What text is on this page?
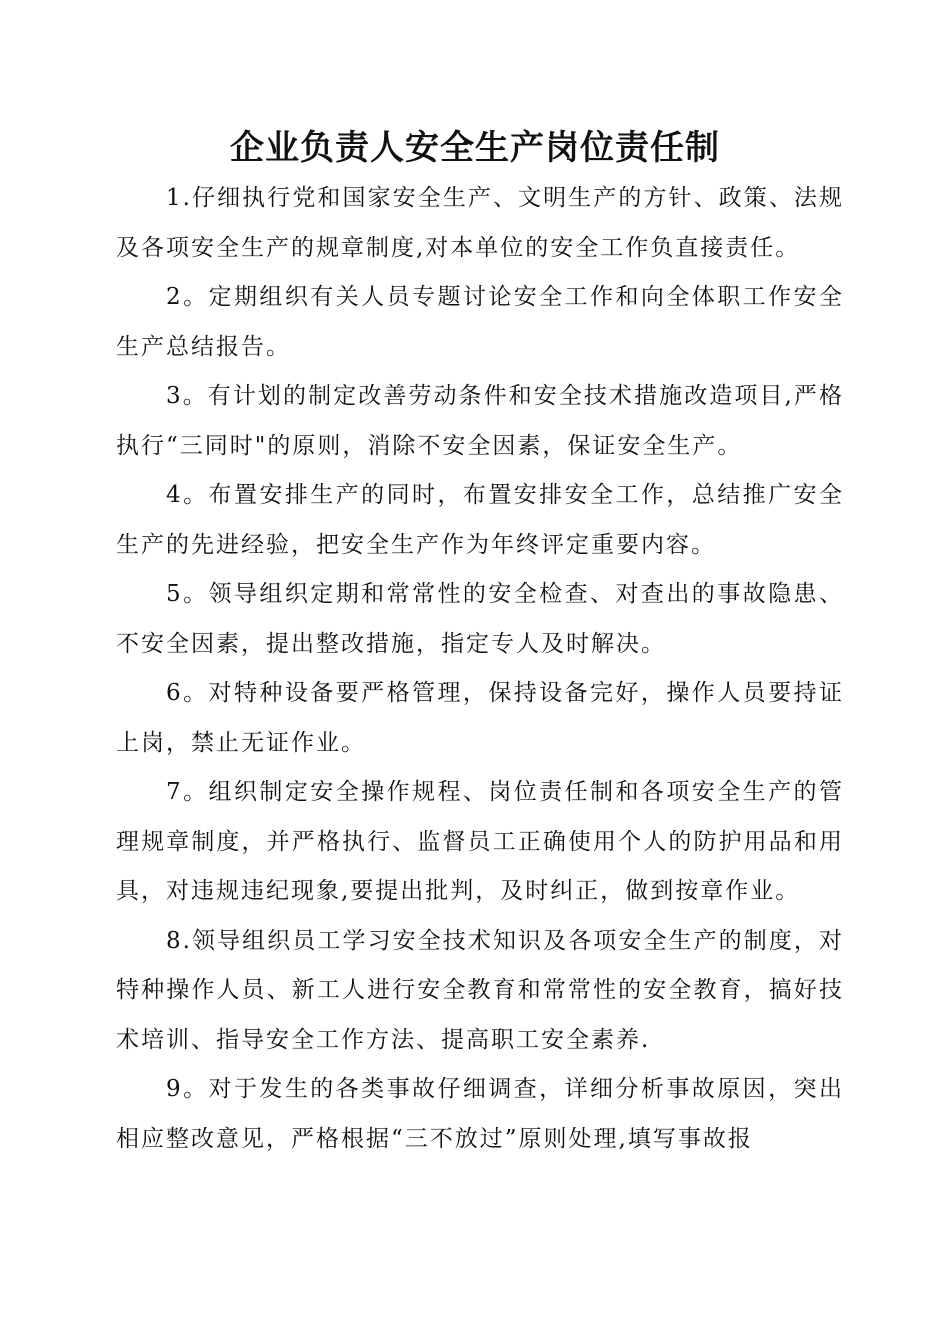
企业负责人安全生产岗位责任制

1.仔细执行党和国家安全生产、文明生产的方针、政策、法规及各项安全生产的规章制度,对本单位的安全工作负直接责任。

2。定期组织有关人员专题讨论安全工作和向全体职工作安全生产总结报告。

3。有计划的制定改善劳动条件和安全技术措施改造项目,严格执行“三同时"的原则，消除不安全因素，保证安全生产。

4。布置安排生产的同时，布置安排安全工作，总结推广安全生产的先进经验，把安全生产作为年终评定重要内容。

5。领导组织定期和常常性的安全检查、对查出的事故隐患、不安全因素，提出整改措施，指定专人及时解决。

6。对特种设备要严格管理，保持设备完好，操作人员要持证上岗，禁止无证作业。

7。组织制定安全操作规程、岗位责任制和各项安全生产的管理规章制度，并严格执行、监督员工正确使用个人的防护用品和用具，对违规违纪现象,要提出批判，及时纠正，做到按章作业。

8.领导组织员工学习安全技术知识及各项安全生产的制度，对特种操作人员、新工人进行安全教育和常常性的安全教育，搞好技术培训、指导安全工作方法、提高职工安全素养.

9。对于发生的各类事故仔细调查，详细分析事故原因，突出相应整改意见，严格根据“三不放过”原则处理,填写事故报
